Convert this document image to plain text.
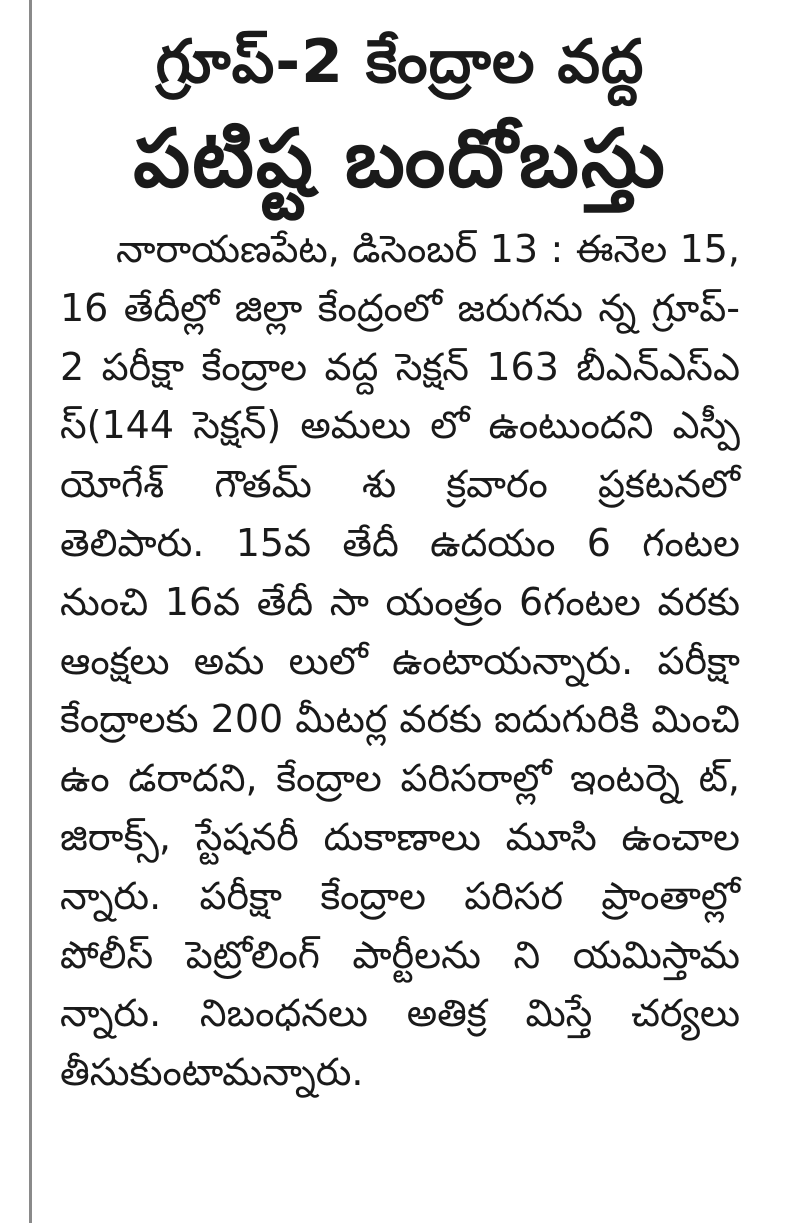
గ్రూప్-2 కేంద్రాల వద్ద
పటిష్ట బందోబస్తు

నారాయణపేట, డిసెంబర్ 13 : ఈనెల 15, 16 తేదీల్లో జిల్లా కేంద్రంలో జరుగను న్న గ్రూప్-2 పరీక్షా కేంద్రాల వద్ద సెక్షన్ 163 బీఎన్ఎస్ఎస్(144 సెక్షన్) అమలు లో ఉంటుందని ఎస్పీ యోగేశ్ గౌతమ్ శు క్రవారం ప్రకటనలో తెలిపారు. 15వ తేదీ ఉదయం 6 గంటల నుంచి 16వ తేదీ సా యంత్రం 6గంటల వరకు ఆంక్షలు అమ లులో ఉంటాయన్నారు. పరీక్షా కేంద్రాలకు 200 మీటర్ల వరకు ఐదుగురికి మించి ఉం డరాదని, కేంద్రాల పరిసరాల్లో ఇంటర్నె ట్, జిరాక్స్, స్టేషనరీ దుకాణాలు మూసి ఉంచాలన్నారు. పరీక్షా కేంద్రాల పరిసర ప్రాంతాల్లో పోలీస్ పెట్రోలింగ్ పార్టీలను ని యమిస్తామన్నారు. నిబంధనలు అతిక్ర మిస్తే చర్యలు తీసుకుంటామన్నారు.
